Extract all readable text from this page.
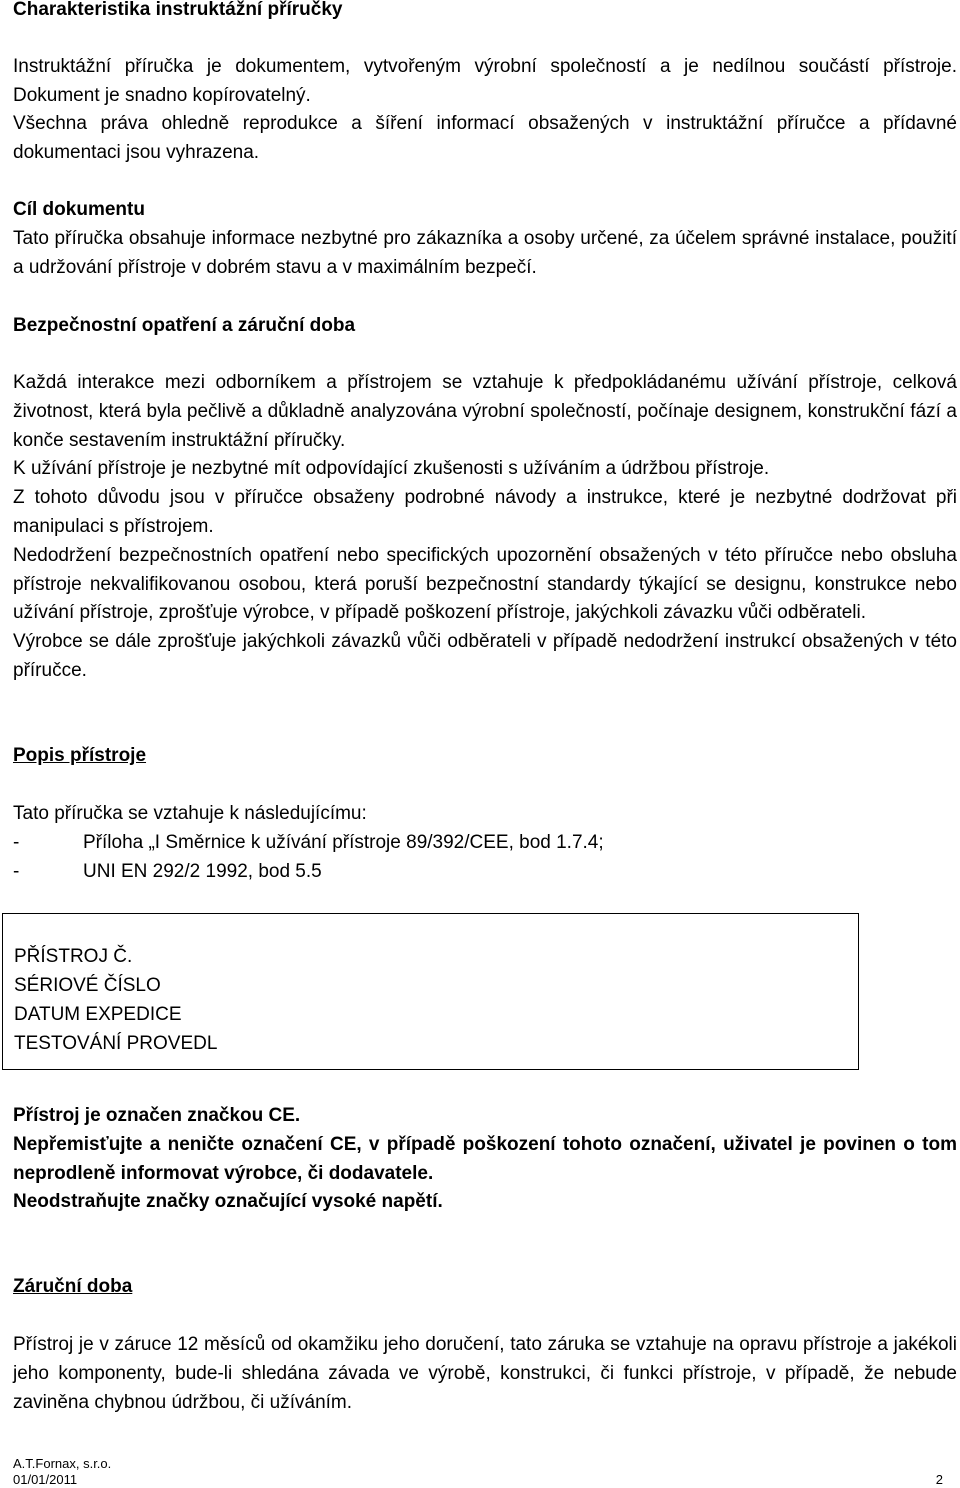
Charakteristika instruktážní příručky

Instruktážní příručka je dokumentem, vytvořeným výrobní společností a je nedílnou součástí přístroje. Dokument je snadno kopírovatelný.

Všechna práva ohledně reprodukce a šíření informací obsažených v instruktážní příručce a přídavné dokumentaci jsou vyhrazena.

Cíl dokumentu

Tato příručka obsahuje informace nezbytné pro zákazníka a osoby určené, za účelem správné instalace, použití a udržování přístroje v dobrém stavu a v maximálním bezpečí.

Bezpečnostní opatření a záruční doba

Každá interakce mezi odborníkem a přístrojem se vztahuje k předpokládanému užívání přístroje, celková životnost, která byla pečlivě a důkladně analyzována výrobní společností, počínaje designem, konstrukční fází a konče sestavením instruktážní příručky.

K užívání přístroje je nezbytné mít odpovídající zkušenosti s užíváním a údržbou přístroje.

Z tohoto důvodu jsou v příručce obsaženy podrobné návody a instrukce, které je nezbytné dodržovat při manipulaci s přístrojem.

Nedodržení bezpečnostních opatření nebo specifických upozornění obsažených v této příručce nebo obsluha přístroje nekvalifikovanou osobou, která poruší bezpečnostní standardy týkající se designu, konstrukce nebo užívání přístroje, zprošťuje výrobce, v případě poškození přístroje, jakýchkoli závazku vůči odběrateli.

Výrobce se dále zprošťuje jakýchkoli závazků vůči odběrateli v případě nedodržení instrukcí obsažených v této příručce.

Popis přístroje

Tato příručka se vztahuje k následujícímu:

-	Příloha „I Směrnice k užívání přístroje 89/392/CEE, bod 1.7.4;
-	UNI EN 292/2 1992, bod 5.5
PŘÍSTROJ Č.
SÉRIOVÉ ČÍSLO
DATUM EXPEDICE
TESTOVÁNÍ PROVEDL

Přístroj je označen značkou CE.

Nepřemisťujte a neničte označení CE, v případě poškození tohoto označení, uživatel je povinen o tom neprodleně informovat výrobce, či dodavatele.

Neodstraňujte značky označující vysoké napětí.

Záruční doba

Přístroj je v záruce 12 měsíců od okamžiku jeho doručení, tato záruka se vztahuje na opravu přístroje a jakékoli jeho komponenty, bude-li shledána závada ve výrobě, konstrukci, či funkci přístroje, v případě, že nebude zaviněna chybnou údržbou, či užíváním.

A.T.Fornax, s.r.o.
01/01/2011	2
